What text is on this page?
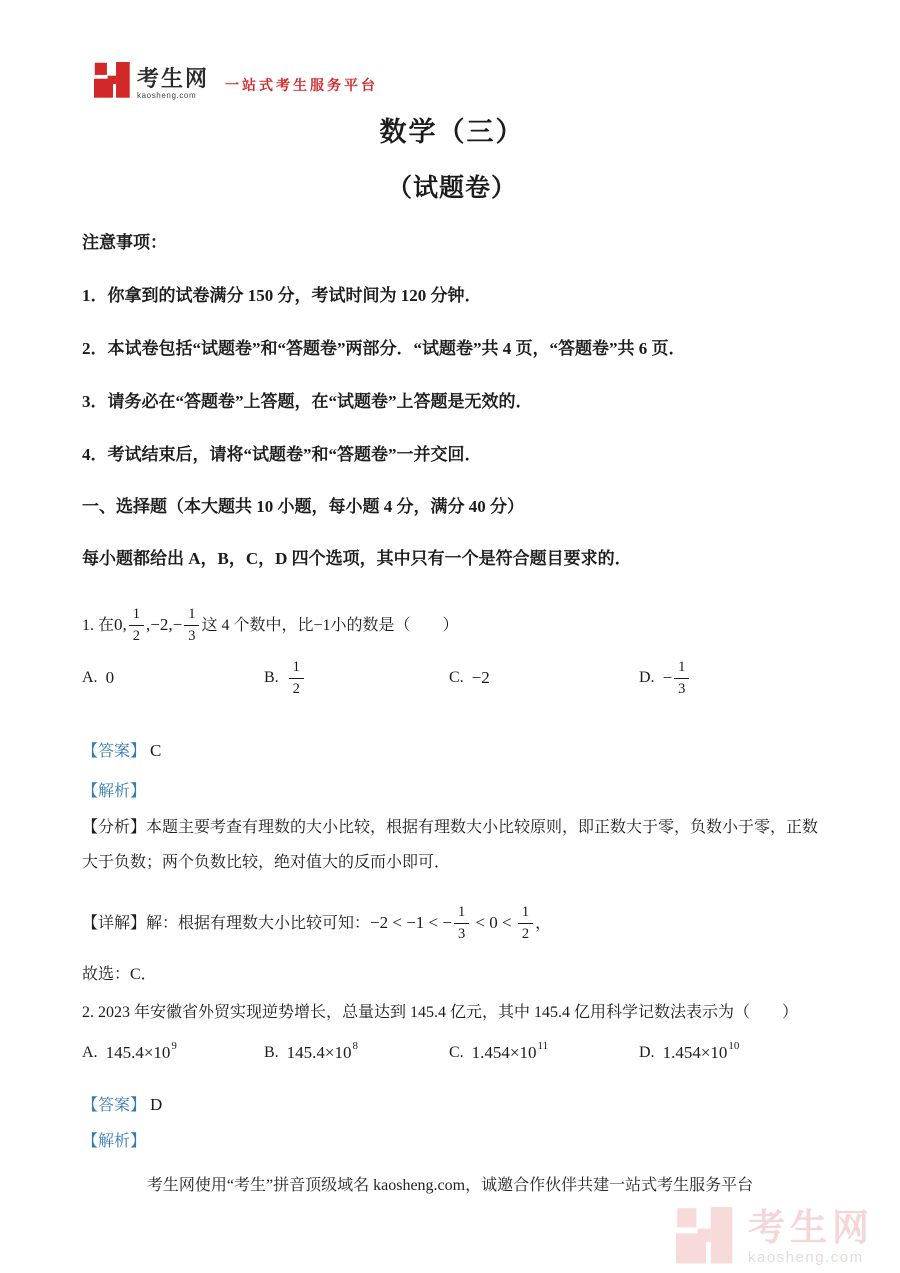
考生网
kaosheng.com
一站式考生服务平台

数学（三）

（试题卷）

注意事项：

1．你拿到的试卷满分 150 分，考试时间为 120 分钟．

2．本试卷包括“试题卷”和“答题卷”两部分．“试题卷”共 4 页，“答题卷”共 6 页．

3．请务必在“答题卷”上答题，在“试题卷”上答题是无效的．

4．考试结束后，请将“试题卷”和“答题卷”一并交回．

一、选择题（本大题共 10 小题，每小题 4 分，满分 40 分）

每小题都给出 A，B，C，D 四个选项，其中只有一个是符合题目要求的．

1. 在 0, $\frac{1}{2} ,-2,- \frac{1}{3}$ 这 4 个数中，比−1小的数是（　　）

A. 0	B. $\frac{1}{2}$	C. −2	D. − $\frac{1}{3}$

【答案】 C

【解析】

【分析】本题主要考查有理数的大小比较，根据有理数大小比较原则，即正数大于零，负数小于零，正数

大于负数；两个负数比较，绝对值大的反而小即可．

【详解】解：根据有理数大小比较可知： −2 < −1 < − $\frac{1}{3} < 0 < \frac{1}{2}$ ，

故选：C．

2. 2023 年安徽省外贸实现逆势增长，总量达到 145.4 亿元，其中 145.4 亿用科学记数法表示为（　　）

A. 145.4×10 9	B. 145.4×10 8	C. 1.454×10 11	D. 1.454×10 10

【答案】 D

【解析】

考生网使用“考生”拼音顶级域名 kaosheng.com，诚邀合作伙伴共建一站式考生服务平台

考生网
kaosheng.com
